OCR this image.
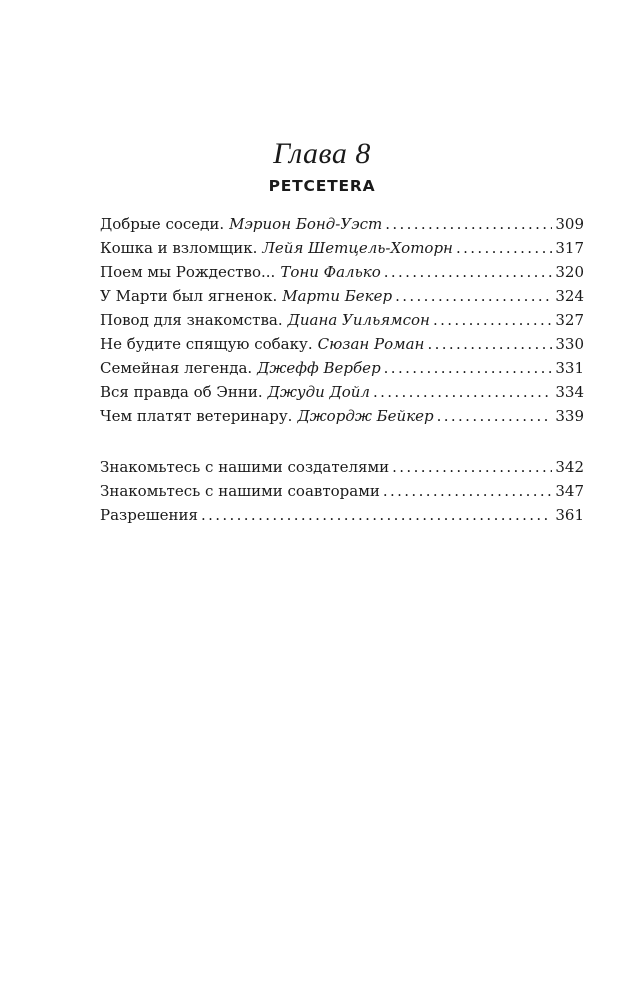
Глава 8
PETCETERA
Добрые соседи. Мэрион Бонд-Уэст . . .	309
Кошка и взломщик. Лейя Шетцель-Хоторн . . .	317
Поем мы Рождество... Тони Фалько . . .	320
У Марти был ягненок. Марти Бекер . . .	324
Повод для знакомства. Диана Уильямсон . . .	327
Не будите спящую собаку. Сюзан Роман . . .	330
Семейная легенда. Джефф Вербер . . .	331
Вся правда об Энни. Джуди Дойл . . .	334
Чем платят ветеринару. Джордж Бейкер . . .	339
Знакомьтесь с нашими создателями . . .	342
Знакомьтесь с нашими соавторами . . .	347
Разрешения . . .	361
